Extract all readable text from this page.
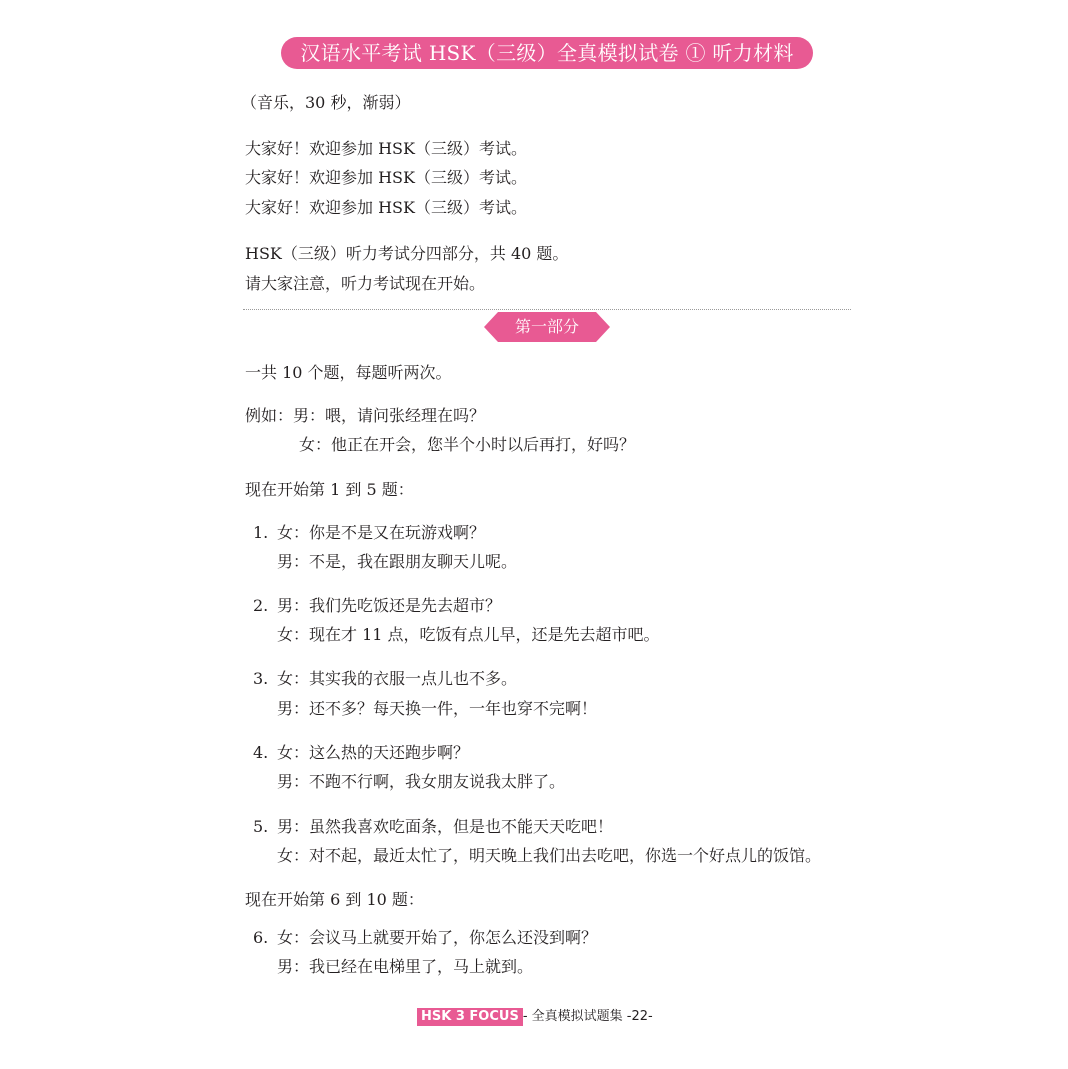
汉语水平考试 HSK（三级）全真模拟试卷 ① 听力材料
（音乐，30 秒，渐弱）
大家好！欢迎参加 HSK（三级）考试。
大家好！欢迎参加 HSK（三级）考试。
大家好！欢迎参加 HSK（三级）考试。
HSK（三级）听力考试分四部分，共 40 题。
请大家注意，听力考试现在开始。
第一部分
一共 10 个题，每题听两次。
例如：男：喂，请问张经理在吗？
女：他正在开会，您半个小时以后再打，好吗？
现在开始第 1 到 5 题：
1. 女：你是不是又在玩游戏啊？
男：不是，我在跟朋友聊天儿呢。
2. 男：我们先吃饭还是先去超市？
女：现在才 11 点，吃饭有点儿早，还是先去超市吧。
3. 女：其实我的衣服一点儿也不多。
男：还不多？每天换一件，一年也穿不完啊！
4. 女：这么热的天还跑步啊？
男：不跑不行啊，我女朋友说我太胖了。
5. 男：虽然我喜欢吃面条，但是也不能天天吃吧！
女：对不起，最近太忙了，明天晚上我们出去吃吧，你选一个好点儿的饭馆。
现在开始第 6 到 10 题：
6. 女：会议马上就要开始了，你怎么还没到啊？
男：我已经在电梯里了，马上就到。
HSK 3 FOCUS - 全真模拟试题集 -22-
